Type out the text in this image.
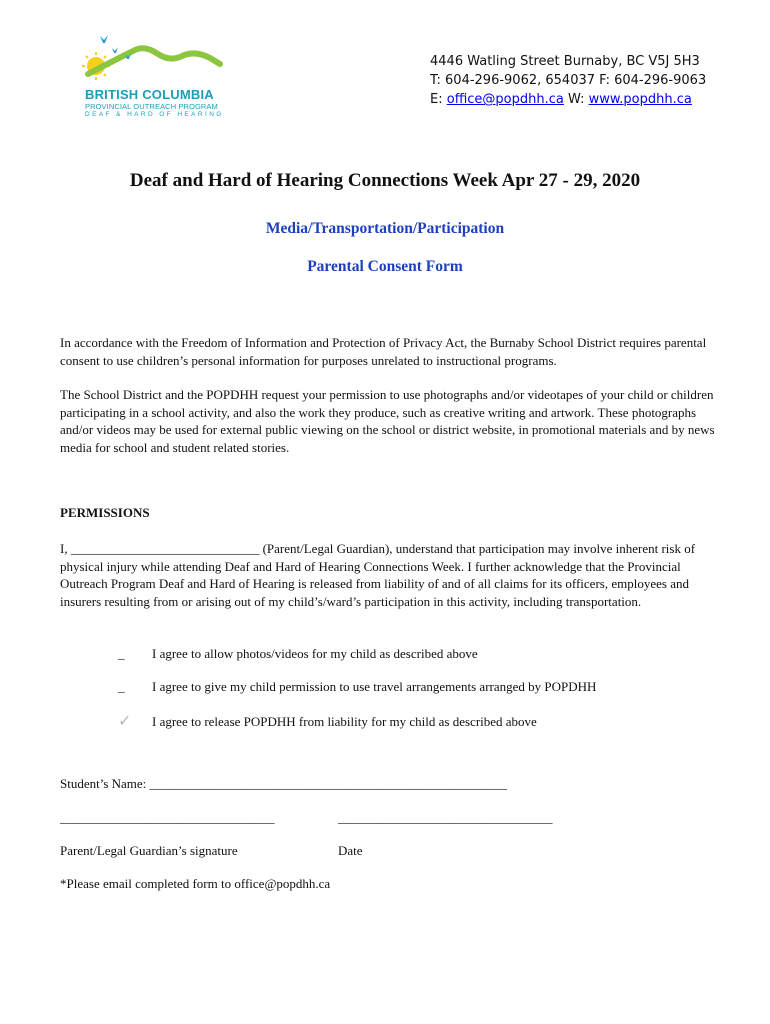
BRITISH COLUMBIA
PROVINCIAL OUTREACH PROGRAM
DEAF & HARD OF HEARING
4446 Watling Street Burnaby, BC V5J 5H3
T: 604-296-9062, 654037 F: 604-296-9063
E: office@popdhh.ca W: www.popdhh.ca
Deaf and Hard of Hearing Connections Week Apr 27 - 29, 2020
Media/Transportation/Participation
Parental Consent Form
In accordance with the Freedom of Information and Protection of Privacy Act, the Burnaby School District requires parental consent to use children’s personal information for purposes unrelated to instructional programs.
The School District and the POPDHH request your permission to use photographs and/or videotapes of your child or children participating in a school activity, and also the work they produce, such as creative writing and artwork. These photographs and/or videos may be used for external public viewing on the school or district website, in promotional materials and by news media for school and student related stories.
PERMISSIONS
I, _____________________________ (Parent/Legal Guardian), understand that participation may involve inherent risk of physical injury while attending Deaf and Hard of Hearing Connections Week. I further acknowledge that the Provincial Outreach Program Deaf and Hard of Hearing is released from liability of and of all claims for its officers, employees and insurers resulting from or arising out of my child’s/ward’s participation in this activity, including transportation.
_ I agree to allow photos/videos for my child as described above
_ I agree to give my child permission to use travel arrangements arranged by POPDHH
✓ I agree to release POPDHH from liability for my child as described above
Student’s Name: _______________________________________________________
_________________________________	_________________________________
Parent/Legal Guardian’s signature	Date
*Please email completed form to office@popdhh.ca
